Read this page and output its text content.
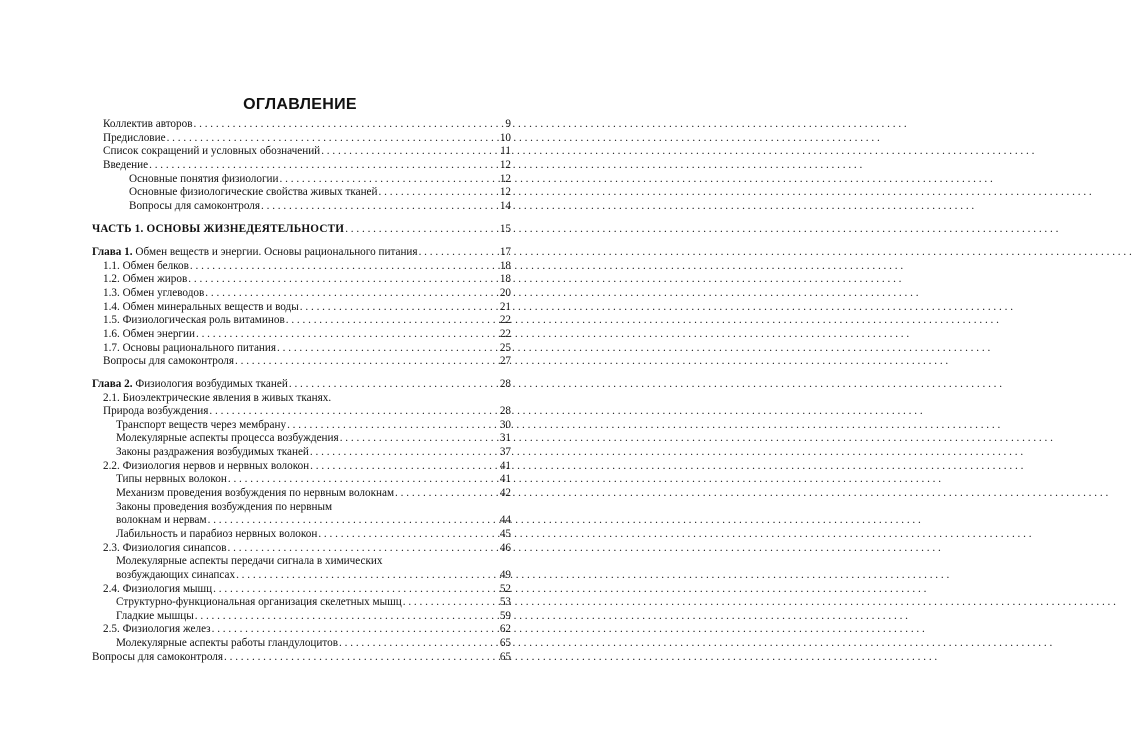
ОГЛАВЛЕНИЕ
Коллектив авторов . . .	9
Предисловие . . .	10
Список сокращений и условных обозначений . . .	11
Введение . . .	12
Основные понятия физиологии . . .	12
Основные физиологические свойства живых тканей . . .	12
Вопросы для самоконтроля . . .	14
ЧАСТЬ 1. ОСНОВЫ ЖИЗНЕДЕЯТЕЛЬНОСТИ . . .	15
Глава 1. Обмен веществ и энергии. Основы рационального питания . . .	17
1.1. Обмен белков . . .	18
1.2. Обмен жиров . . .	18
1.3. Обмен углеводов . . .	20
1.4. Обмен минеральных веществ и воды . . .	21
1.5. Физиологическая роль витаминов . . .	22
1.6. Обмен энергии . . .	22
1.7. Основы рационального питания . . .	25
Вопросы для самоконтроля . . .	27
Глава 2. Физиология возбудимых тканей . . .	28
2.1. Биоэлектрические явления в живых тканях.
Природа возбуждения . . .	28
Транспорт веществ через мембрану . . .	30
Молекулярные аспекты процесса возбуждения . . .	31
Законы раздражения возбудимых тканей . . .	37
2.2. Физиология нервов и нервных волокон . . .	41
Типы нервных волокон . . .	41
Механизм проведения возбуждения по нервным волокнам . . .	42
Законы проведения возбуждения по нервным
волокнам и нервам . . .	44
Лабильность и парабиоз нервных волокон . . .	45
2.3. Физиология синапсов . . .	46
Молекулярные аспекты передачи сигнала в химических
возбуждающих синапсах . . .	49
2.4. Физиология мышц . . .	52
Структурно-функциональная организация скелетных мышц . . .	53
Гладкие мышцы . . .	59
2.5. Физиология желез . . .	62
Молекулярные аспекты работы гландулоцитов . . .	65
Вопросы для самоконтроля . . .	65
